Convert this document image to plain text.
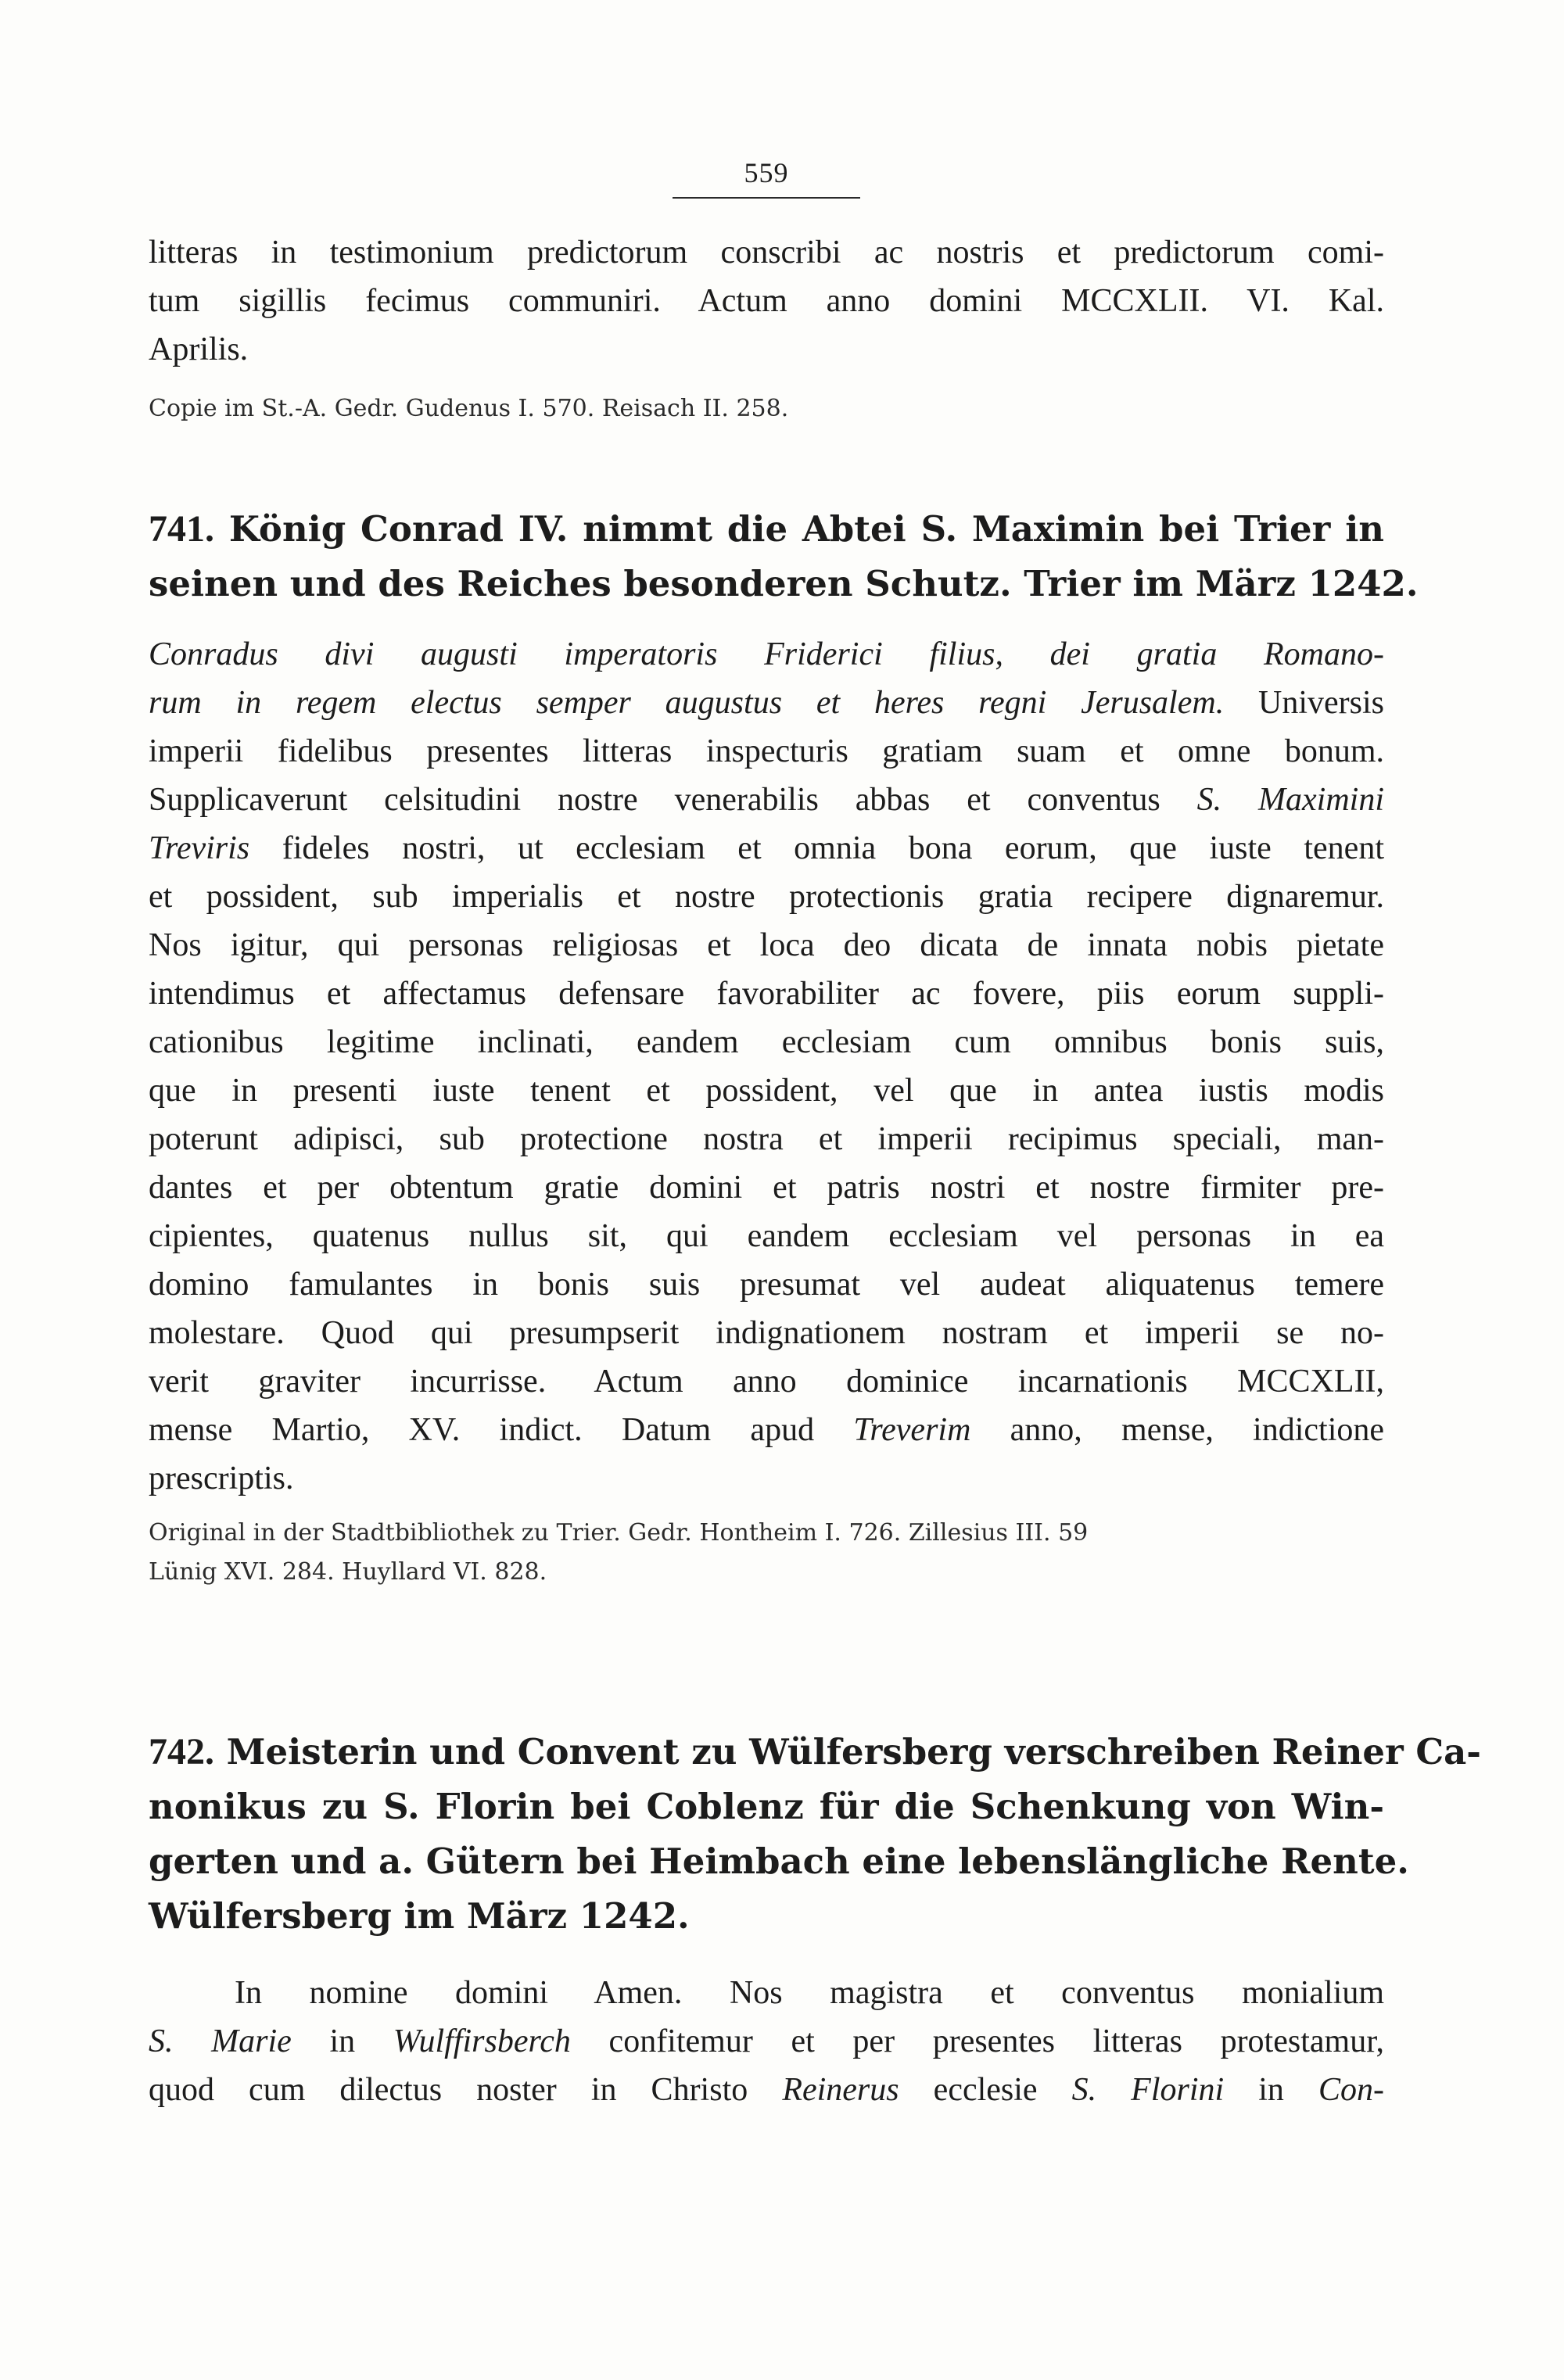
559

litteras in testimonium predictorum conscribi ac nostris et predictorum comi-
tum sigillis fecimus communiri. Actum anno domini MCCXLII. VI. Kal.
Aprilis.

Copie im St.-A. Gedr. Gudenus I. 570. Reisach II. 258.

741. König Conrad IV. nimmt die Abtei S. Maximin bei Trier in
seinen und des Reiches besonderen Schutz. Trier im März 1242.

Conradus divi augusti imperatoris Friderici filius, dei gratia Romano-
rum in regem electus semper augustus et heres regni Jerusalem. Universis
imperii fidelibus presentes litteras inspecturis gratiam suam et omne bonum.
Supplicaverunt celsitudini nostre venerabilis abbas et conventus S. Maximini
Treviris fideles nostri, ut ecclesiam et omnia bona eorum, que iuste tenent
et possident, sub imperialis et nostre protectionis gratia recipere dignaremur.
Nos igitur, qui personas religiosas et loca deo dicata de innata nobis pietate
intendimus et affectamus defensare favorabiliter ac fovere, piis eorum suppli-
cationibus legitime inclinati, eandem ecclesiam cum omnibus bonis suis,
que in presenti iuste tenent et possident, vel que in antea iustis modis
poterunt adipisci, sub protectione nostra et imperii recipimus speciali, man-
dantes et per obtentum gratie domini et patris nostri et nostre firmiter pre-
cipientes, quatenus nullus sit, qui eandem ecclesiam vel personas in ea
domino famulantes in bonis suis presumat vel audeat aliquatenus temere
molestare. Quod qui presumpserit indignationem nostram et imperii se no-
verit graviter incurrisse. Actum anno dominice incarnationis MCCXLII,
mense Martio, XV. indict. Datum apud Treverim anno, mense, indictione
prescriptis.

Original in der Stadtbibliothek zu Trier. Gedr. Hontheim I. 726. Zillesius III. 59
Lünig XVI. 284. Huyllard VI. 828.

742. Meisterin und Convent zu Wülfersberg verschreiben Reiner Ca-
nonikus zu S. Florin bei Coblenz für die Schenkung von Win-
gerten und a. Gütern bei Heimbach eine lebenslängliche Rente.
Wülfersberg im März 1242.

In nomine domini Amen. Nos magistra et conventus monialium
S. Marie in Wulffirsberch confitemur et per presentes litteras protestamur,
quod cum dilectus noster in Christo Reinerus ecclesie S. Florini in Con-
